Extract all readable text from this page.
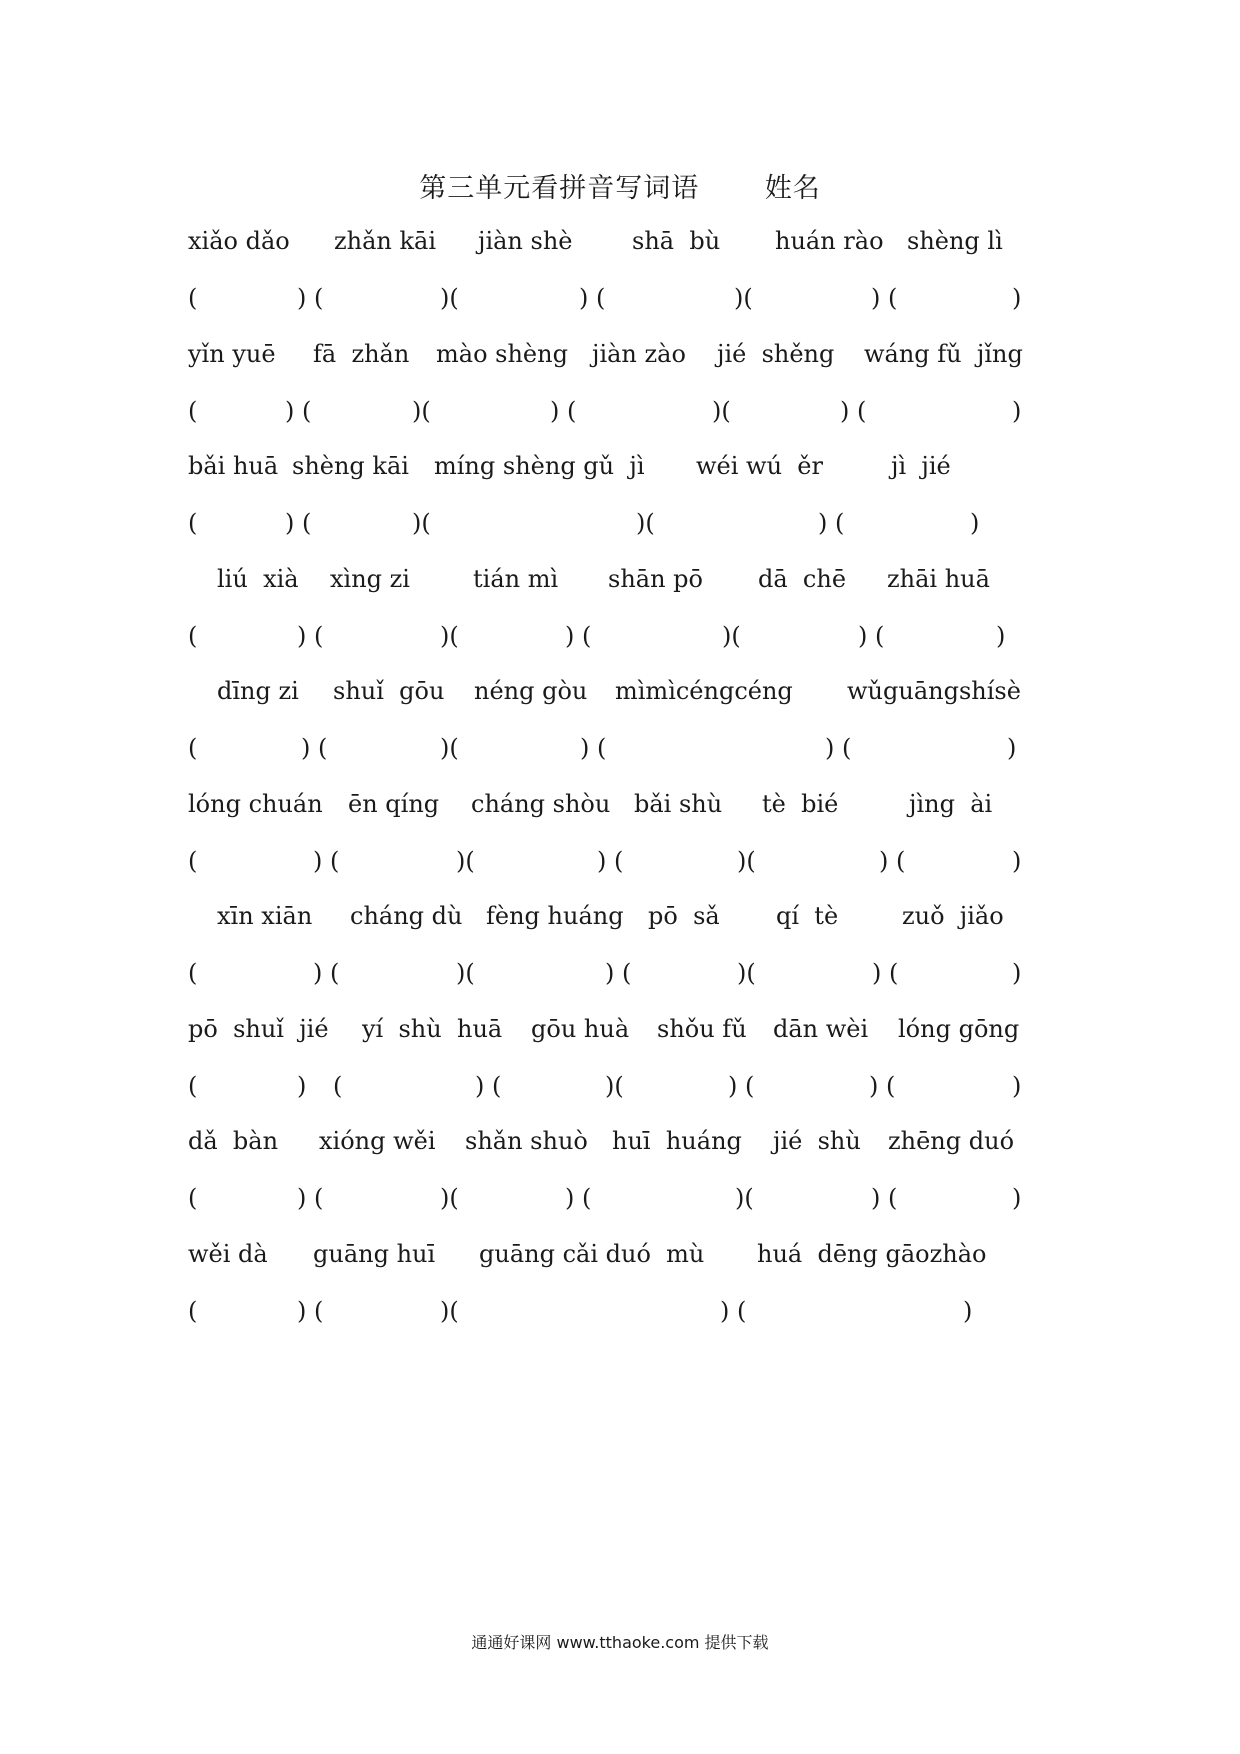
第三单元看拼音写词语 姓名
xiǎo dǎo zhǎn kāi jiàn shè shā  bù huán rào shèng lì
(	) (	)(	) (	)(	) (	)
yǐn yuē fā  zhǎn mào shèng jiàn zào jié  shěng wáng fǔ  jǐng
(	) (	)(	) (	)(	) (	)
bǎi huā shèng kāi míng shèng gǔ  jì wéi wú  ěr	jì  jié
(	) (	)(	)(	) (	)
liú  xià xìng zi	tián mì shān pō dā  chē zhāi huā
(	) (	)(	) (	)(	) (	)
dīng zi shuǐ  gōu néng gòu mìmìcéngcéng wǔguāngshísè
(	) (	)(	) (	) (	)
lóng chuán ēn qíng cháng shòu bǎi shù tè  bié	jìng  ài
(	) (	)(	) (	)(	) (	)
xīn xiān cháng dù fèng huáng pō  sǎ qí  tè	zuǒ  jiǎo
(	) (	)(	) (	)(	) (	)
pō  shuǐ  jié yí  shù  huā gōu huà shǒu fǔ dān wèi lóng gōng
(	) (	) (	)(	) (	) (	)
dǎ  bàn xióng wěi shǎn shuò huī  huáng jié  shù zhēng duó
(	) (	)(	) (	)(	) (	)
wěi dà guāng huī guāng cǎi duó  mù huá  dēng gāozhào
(	) (	)(	) (	)
通通好课网 www.tthaoke.com 提供下载
